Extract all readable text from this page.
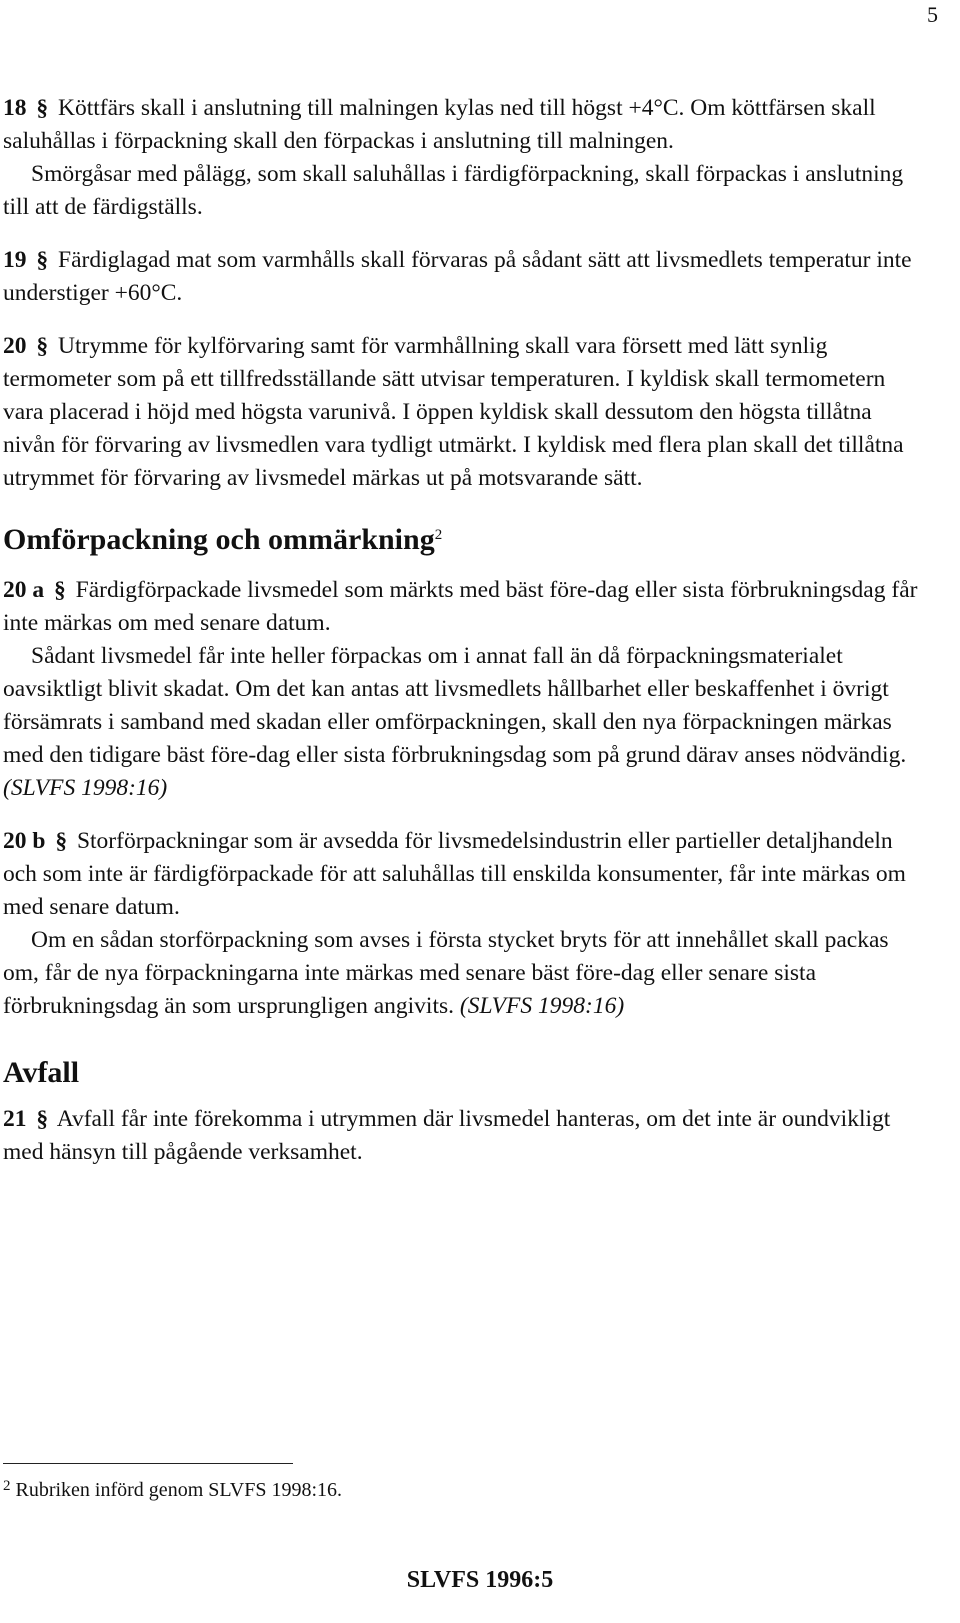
5

18 § Köttfärs skall i anslutning till malningen kylas ned till högst +4°C. Om köttfärsen skall saluhållas i förpackning skall den förpackas i anslutning till malningen.

Smörgåsar med pålägg, som skall saluhållas i färdigförpackning, skall förpackas i anslutning till att de färdigställs.

19 § Färdiglagad mat som varmhålls skall förvaras på sådant sätt att livsmedlets temperatur inte understiger +60°C.

20 § Utrymme för kylförvaring samt för varmhållning skall vara försett med lätt synlig termometer som på ett tillfredsställande sätt utvisar temperaturen. I kyldisk skall termometern vara placerad i höjd med högsta varunivå. I öppen kyldisk skall dessutom den högsta tillåtna nivån för förvaring av livsmedlen vara tydligt utmärkt. I kyldisk med flera plan skall det tillåtna utrymmet för förvaring av livsmedel märkas ut på motsvarande sätt.

Omförpackning och ommärkning$^2$

20 a § Färdigförpackade livsmedel som märkts med bäst före-dag eller sista förbrukningsdag får inte märkas om med senare datum.

Sådant livsmedel får inte heller förpackas om i annat fall än då förpackningsmaterialet oavsiktligt blivit skadat. Om det kan antas att livsmedlets hållbarhet eller beskaffenhet i övrigt försämrats i samband med skadan eller omförpackningen, skall den nya förpackningen märkas med den tidigare bäst före-dag eller sista förbrukningsdag som på grund därav anses nödvändig. (SLVFS 1998:16)

20 b § Storförpackningar som är avsedda för livsmedelsindustrin eller partieller detaljhandeln och som inte är färdigförpackade för att saluhållas till enskilda konsumenter, får inte märkas om med senare datum.

Om en sådan storförpackning som avses i första stycket bryts för att innehållet skall packas om, får de nya förpackningarna inte märkas med senare bäst före-dag eller senare sista förbrukningsdag än som ursprungligen angivits. (SLVFS 1998:16)

Avfall

21 § Avfall får inte förekomma i utrymmen där livsmedel hanteras, om det inte är oundvikligt med hänsyn till pågående verksamhet.

$^2$ Rubriken införd genom SLVFS 1998:16.
SLVFS 1996:5
